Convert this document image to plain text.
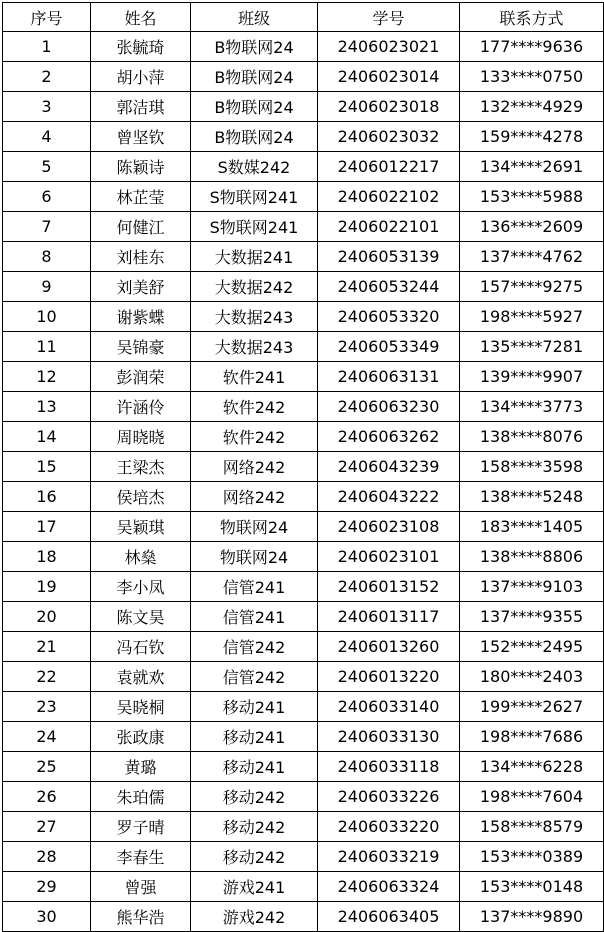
序号	姓名	班级	学号	联系方式
1	张毓琦	B物联网24	2406023021	177****9636
2	胡小萍	B物联网24	2406023014	133****0750
3	郭洁琪	B物联网24	2406023018	132****4929
4	曾坚钦	B物联网24	2406023032	159****4278
5	陈颖诗	S数媒242	2406012217	134****2691
6	林芷莹	S物联网241	2406022102	153****5988
7	何健江	S物联网241	2406022101	136****2609
8	刘桂东	大数据241	2406053139	137****4762
9	刘美舒	大数据242	2406053244	157****9275
10	谢紫蝶	大数据243	2406053320	198****5927
11	吴锦豪	大数据243	2406053349	135****7281
12	彭润荣	软件241	2406063131	139****9907
13	许涵伶	软件242	2406063230	134****3773
14	周晓晓	软件242	2406063262	138****8076
15	王梁杰	网络242	2406043239	158****3598
16	侯培杰	网络242	2406043222	138****5248
17	吴颖琪	物联网24	2406023108	183****1405
18	林燊	物联网24	2406023101	138****8806
19	李小凤	信管241	2406013152	137****9103
20	陈文昊	信管241	2406013117	137****9355
21	冯石钦	信管242	2406013260	152****2495
22	袁就欢	信管242	2406013220	180****2403
23	吴晓桐	移动241	2406033140	199****2627
24	张政康	移动241	2406033130	198****7686
25	黄璐	移动241	2406033118	134****6228
26	朱珀儒	移动242	2406033226	198****7604
27	罗子晴	移动242	2406033220	158****8579
28	李春生	移动242	2406033219	153****0389
29	曾强	游戏241	2406063324	153****0148
30	熊华浩	游戏242	2406063405	137****9890
